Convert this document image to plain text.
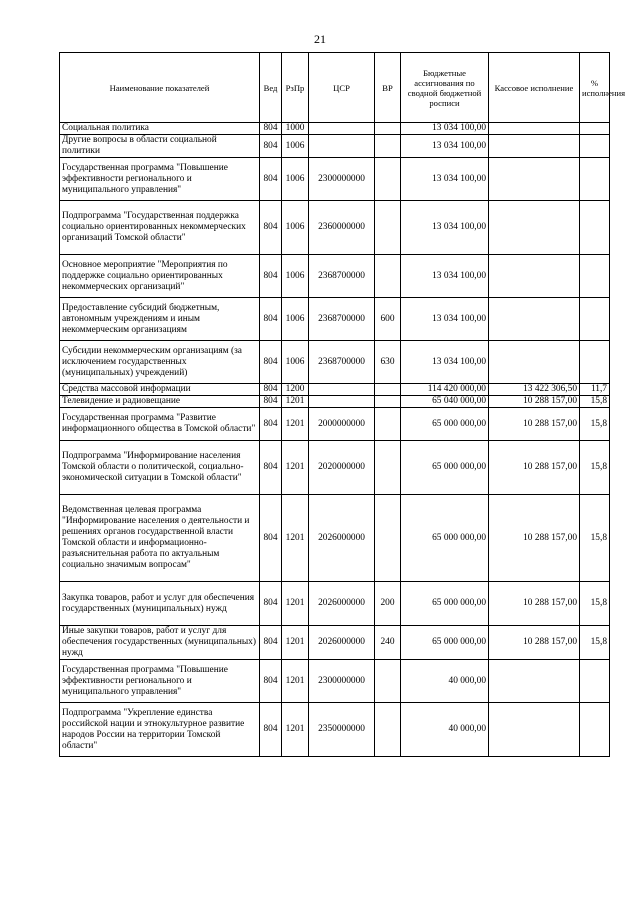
21
Наименование показателей	Вед	РзПр	ЦСР	ВР	Бюджетные ассигнования по сводной бюджетной росписи	Кассовое исполнение	% исполнения
Социальная политика	804	1000			13 034 100,00		
Другие вопросы в области социальной политики	804	1006			13 034 100,00		
Государственная программа "Повышение эффективности регионального и муниципального управления"	804	1006	2300000000		13 034 100,00		
Подпрограмма "Государственная поддержка социально ориентированных некоммерческих организаций Томской области"	804	1006	2360000000		13 034 100,00		
Основное мероприятие "Мероприятия по поддержке социально ориентированных некоммерческих организаций"	804	1006	2368700000		13 034 100,00		
Предоставление субсидий бюджетным, автономным учреждениям и иным некоммерческим организациям	804	1006	2368700000	600	13 034 100,00		
Субсидии некоммерческим организациям (за исключением государственных (муниципальных) учреждений)	804	1006	2368700000	630	13 034 100,00		
Средства массовой информации	804	1200			114 420 000,00	13 422 306,50	11,7
Телевидение и радиовещание	804	1201			65 040 000,00	10 288 157,00	15,8
Государственная программа "Развитие информационного общества в Томской области"	804	1201	2000000000		65 000 000,00	10 288 157,00	15,8
Подпрограмма "Информирование населения Томской области о политической, социально-экономической ситуации в Томской области"	804	1201	2020000000		65 000 000,00	10 288 157,00	15,8
Ведомственная целевая программа "Информирование населения о деятельности и решениях органов государственной власти Томской области и информационно-разъяснительная работа по актуальным социально значимым вопросам"	804	1201	2026000000		65 000 000,00	10 288 157,00	15,8
Закупка товаров, работ и услуг для обеспечения государственных (муниципальных) нужд	804	1201	2026000000	200	65 000 000,00	10 288 157,00	15,8
Иные закупки товаров, работ и услуг для обеспечения государственных (муниципальных) нужд	804	1201	2026000000	240	65 000 000,00	10 288 157,00	15,8
Государственная программа "Повышение эффективности регионального и муниципального управления"	804	1201	2300000000		40 000,00		
Подпрограмма "Укрепление единства российской нации и этнокультурное развитие народов России на территории Томской области"	804	1201	2350000000		40 000,00		
